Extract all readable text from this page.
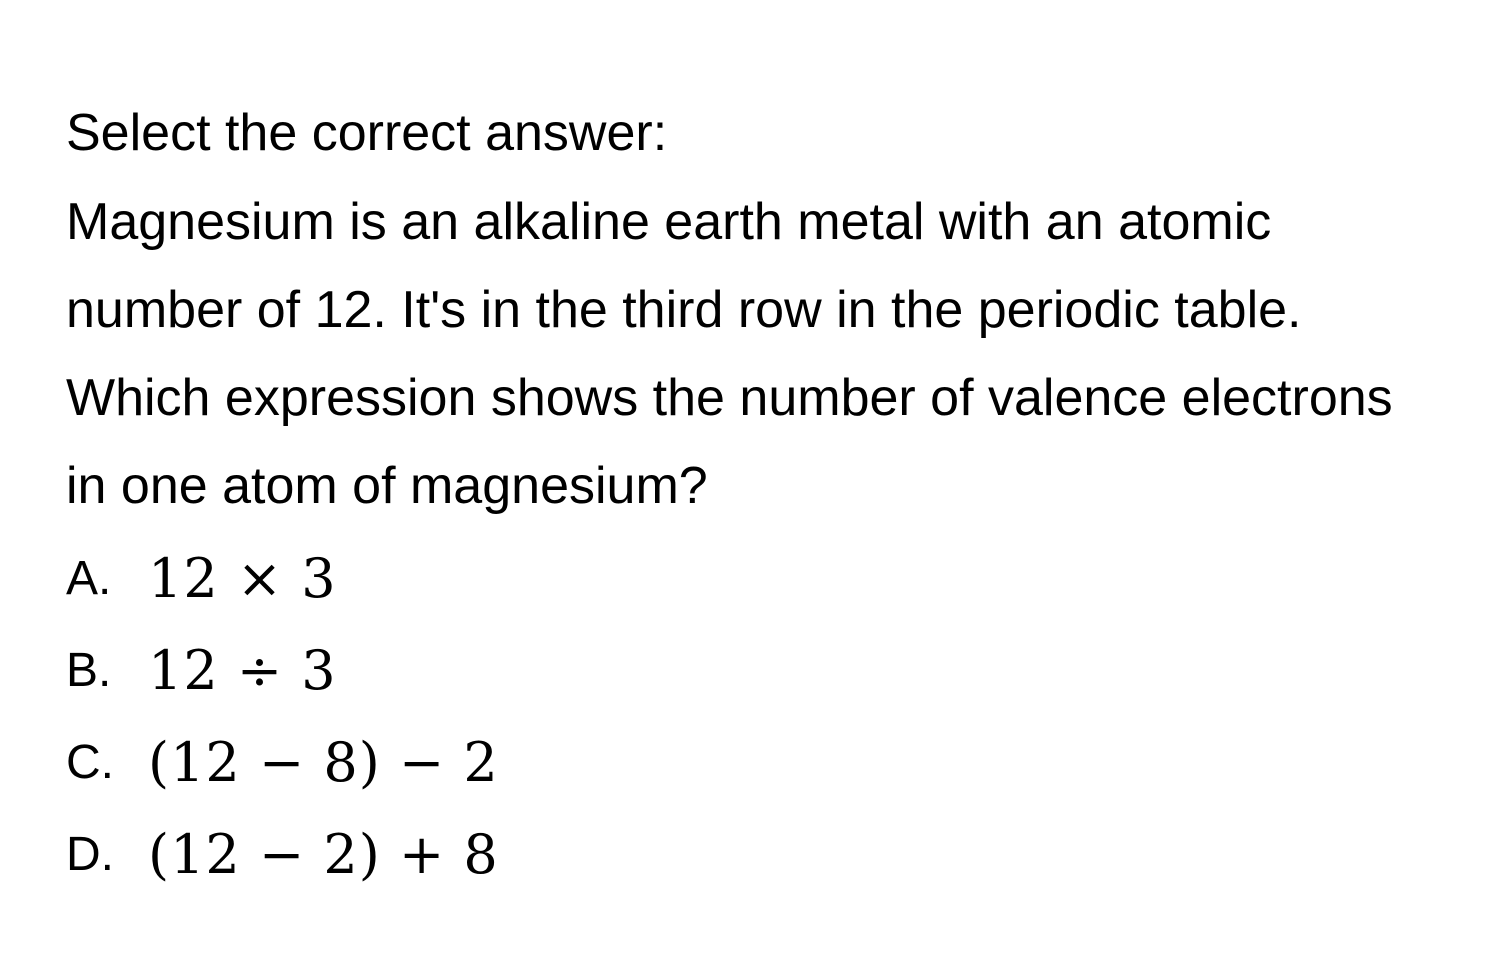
Select the correct answer:

Magnesium is an alkaline earth metal with an atomic number of 12. It's in the third row in the periodic table. Which expression shows the number of valence electrons in one atom of magnesium?

A. 12 × 3
B. 12 ÷ 3
C. (12 − 8) − 2
D. (12 − 2) + 8
